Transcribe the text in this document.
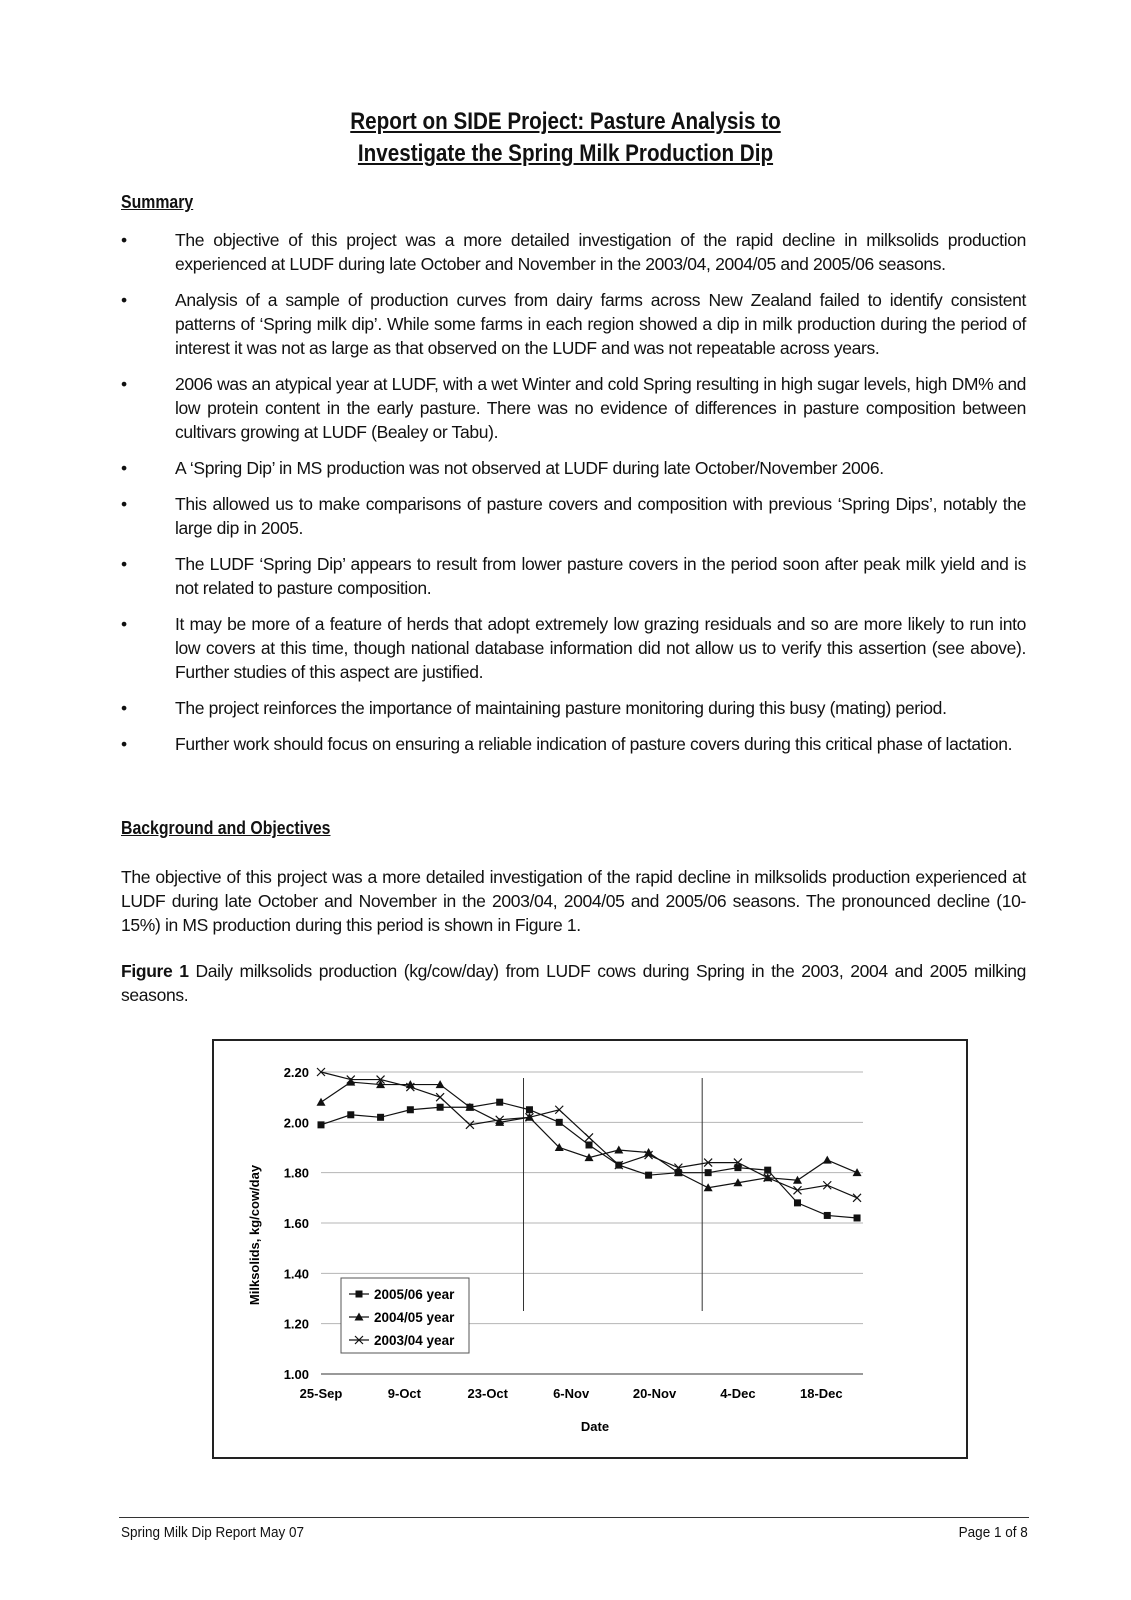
Report on SIDE Project: Pasture Analysis to
Investigate the Spring Milk Production Dip
Summary
•	The objective of this project was a more detailed investigation of the rapid decline in milksolids production experienced at LUDF during late October and November in the 2003/04, 2004/05 and 2005/06 seasons.
•	Analysis of a sample of production curves from dairy farms across New Zealand failed to identify consistent patterns of ‘Spring milk dip’. While some farms in each region showed a dip in milk production during the period of interest it was not as large as that observed on the LUDF and was not repeatable across years.
•	2006 was an atypical year at LUDF, with a wet Winter and cold Spring resulting in high sugar levels, high DM% and low protein content in the early pasture. There was no evidence of differences in pasture composition between cultivars growing at LUDF (Bealey or Tabu).
•	A ‘Spring Dip’ in MS production was not observed at LUDF during late October/November 2006.
•	This allowed us to make comparisons of pasture covers and composition with previous ‘Spring Dips’, notably the large dip in 2005.
•	The LUDF ‘Spring Dip’ appears to result from lower pasture covers in the period soon after peak milk yield and is not related to pasture composition.
•	It may be more of a feature of herds that adopt extremely low grazing residuals and so are more likely to run into low covers at this time, though national database information did not allow us to verify this assertion (see above). Further studies of this aspect are justified.
•	The project reinforces the importance of maintaining pasture monitoring during this busy (mating) period.
•	Further work should focus on ensuring a reliable indication of pasture covers during this critical phase of lactation.
Background and Objectives

The objective of this project was a more detailed investigation of the rapid decline in milksolids production experienced at LUDF during late October and November in the 2003/04, 2004/05 and 2005/06 seasons. The pronounced decline (10-15%) in MS production during this period is shown in Figure 1.

Figure 1 Daily milksolids production (kg/cow/day) from LUDF cows during Spring in the 2003, 2004 and 2005 milking seasons.

1.00
1.20
1.40
1.60
1.80
2.00
2.20
25-Sep	9-Oct	23-Oct	6-Nov	20-Nov	4-Dec	18-Dec
Date
Milksolids, kg/cow/day	2005/06 year
2004/05 year
2003/04 year
Spring Milk Dip Report May 07	Page 1 of 8
